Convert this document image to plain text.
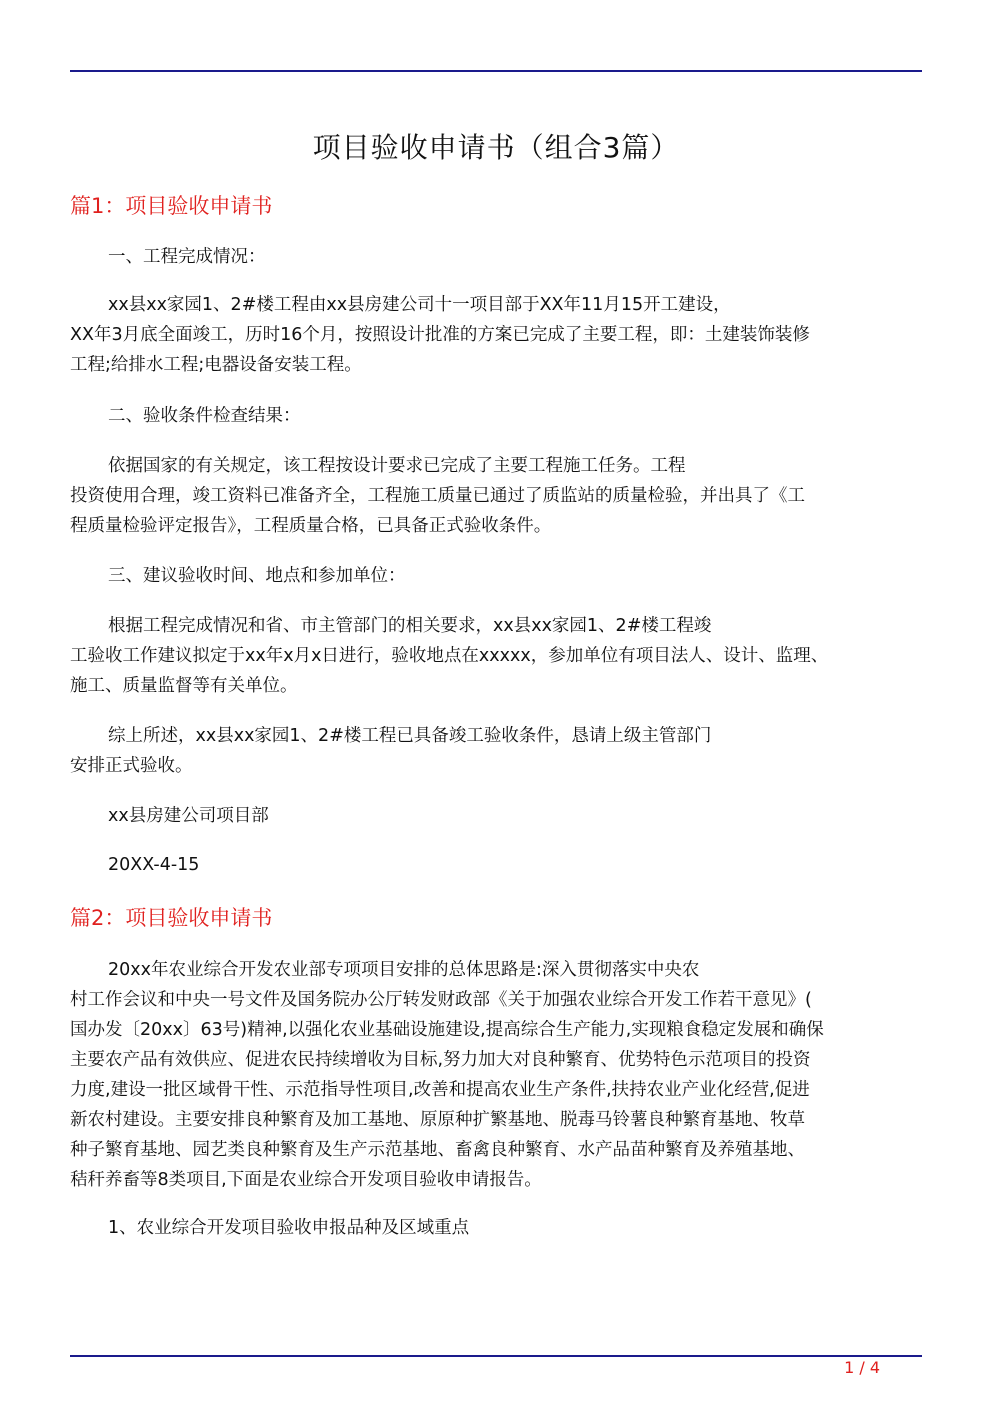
项目验收申请书（组合3篇）
篇1：项目验收申请书
一、工程完成情况：
xx县xx家园1、2#楼工程由xx县房建公司十一项目部于XX年11月15开工建设，
XX年3月底全面竣工，历时16个月，按照设计批准的方案已完成了主要工程，即：土建装饰装修
工程;给排水工程;电器设备安装工程。
二、验收条件检查结果：
依据国家的有关规定，该工程按设计要求已完成了主要工程施工任务。工程
投资使用合理，竣工资料已准备齐全，工程施工质量已通过了质监站的质量检验，并出具了《工
程质量检验评定报告》，工程质量合格，已具备正式验收条件。
三、建议验收时间、地点和参加单位：
根据工程完成情况和省、市主管部门的相关要求，xx县xx家园1、2#楼工程竣
工验收工作建议拟定于xx年x月x日进行，验收地点在xxxxx，参加单位有项目法人、设计、监理、
施工、质量监督等有关单位。
综上所述，xx县xx家园1、2#楼工程已具备竣工验收条件，恳请上级主管部门
安排正式验收。
xx县房建公司项目部
20XX-4-15
篇2：项目验收申请书
20xx年农业综合开发农业部专项项目安排的总体思路是:深入贯彻落实中央农
村工作会议和中央一号文件及国务院办公厅转发财政部《关于加强农业综合开发工作若干意见》(
国办发〔20xx〕63号)精神,以强化农业基础设施建设,提高综合生产能力,实现粮食稳定发展和确保
主要农产品有效供应、促进农民持续增收为目标,努力加大对良种繁育、优势特色示范项目的投资
力度,建设一批区域骨干性、示范指导性项目,改善和提高农业生产条件,扶持农业产业化经营,促进
新农村建设。主要安排良种繁育及加工基地、原原种扩繁基地、脱毒马铃薯良种繁育基地、牧草
种子繁育基地、园艺类良种繁育及生产示范基地、畜禽良种繁育、水产品苗种繁育及养殖基地、
秸秆养畜等8类项目,下面是农业综合开发项目验收申请报告。
1、农业综合开发项目验收申报品种及区域重点
1 / 4
